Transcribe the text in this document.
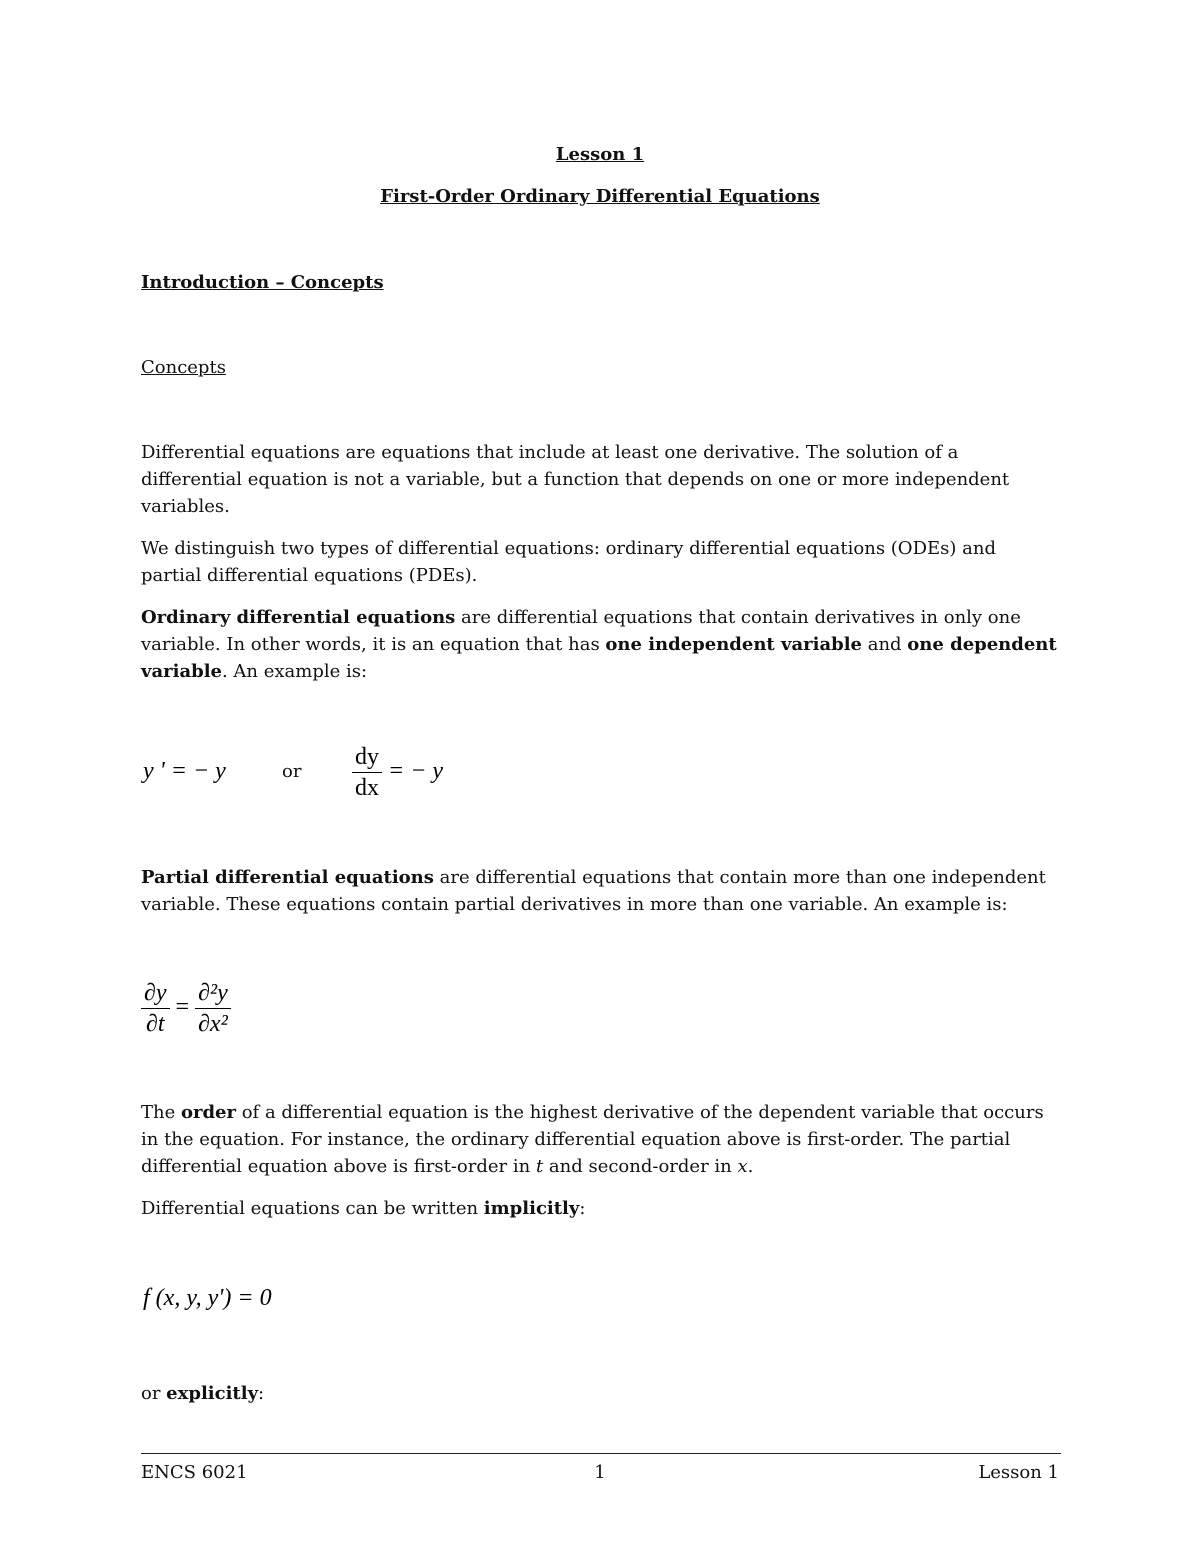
Lesson 1
First-Order Ordinary Differential Equations
Introduction – Concepts
Concepts
Differential equations are equations that include at least one derivative. The solution of a differential equation is not a variable, but a function that depends on one or more independent variables.
We distinguish two types of differential equations: ordinary differential equations (ODEs) and partial differential equations (PDEs).
Ordinary differential equations are differential equations that contain derivatives in only one variable. In other words, it is an equation that has one independent variable and one dependent variable. An example is:
y ' = − y	or $\frac{dy}{dx}$ = − y
Partial differential equations are differential equations that contain more than one independent variable. These equations contain partial derivatives in more than one variable. An example is:
$\frac{\partial y}{\partial t} = \frac{\text{∂²y}}{\text{∂x²}}$
The order of a differential equation is the highest derivative of the dependent variable that occurs in the equation. For instance, the ordinary differential equation above is first-order. The partial differential equation above is first-order in t and second-order in x.
Differential equations can be written implicitly:
f (x, y, y') = 0
or explicitly:
ENCS 6021	1	Lesson 1
